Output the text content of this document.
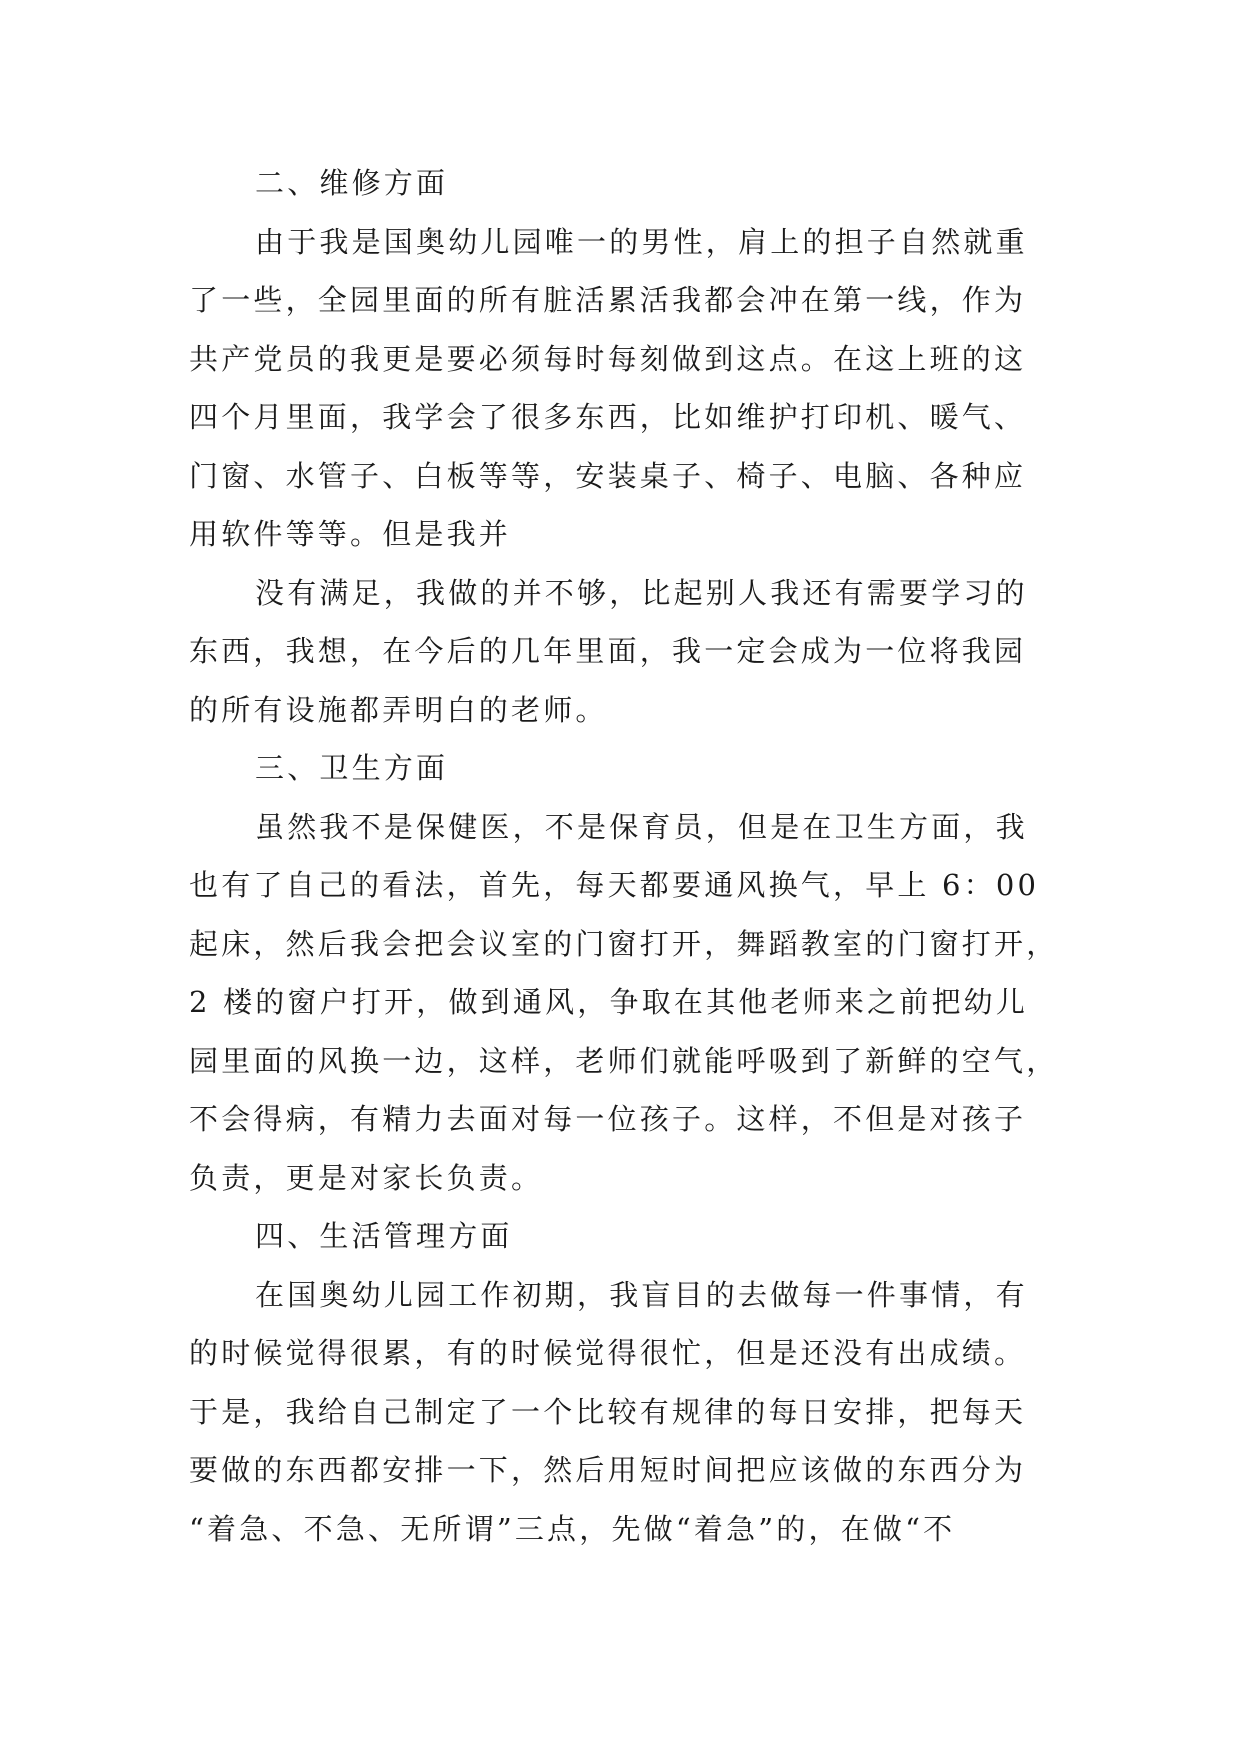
二、维修方面
由于我是国奥幼儿园唯一的男性，肩上的担子自然就重
了一些，全园里面的所有脏活累活我都会冲在第一线，作为
共产党员的我更是要必须每时每刻做到这点。在这上班的这
四个月里面，我学会了很多东西，比如维护打印机、暖气、
门窗、水管子、白板等等，安装桌子、椅子、电脑、各种应
用软件等等。但是我并
没有满足，我做的并不够，比起别人我还有需要学习的
东西，我想，在今后的几年里面，我一定会成为一位将我园
的所有设施都弄明白的老师。
三、卫生方面
虽然我不是保健医，不是保育员，但是在卫生方面，我
也有了自己的看法，首先，每天都要通风换气，早上 6：00
起床，然后我会把会议室的门窗打开，舞蹈教室的门窗打开，
2 楼的窗户打开，做到通风，争取在其他老师来之前把幼儿
园里面的风换一边，这样，老师们就能呼吸到了新鲜的空气，
不会得病，有精力去面对每一位孩子。这样，不但是对孩子
负责，更是对家长负责。
四、生活管理方面
在国奥幼儿园工作初期，我盲目的去做每一件事情，有
的时候觉得很累，有的时候觉得很忙，但是还没有出成绩。
于是，我给自己制定了一个比较有规律的每日安排，把每天
要做的东西都安排一下，然后用短时间把应该做的东西分为
“着急、不急、无所谓”三点，先做“着急”的，在做“不
